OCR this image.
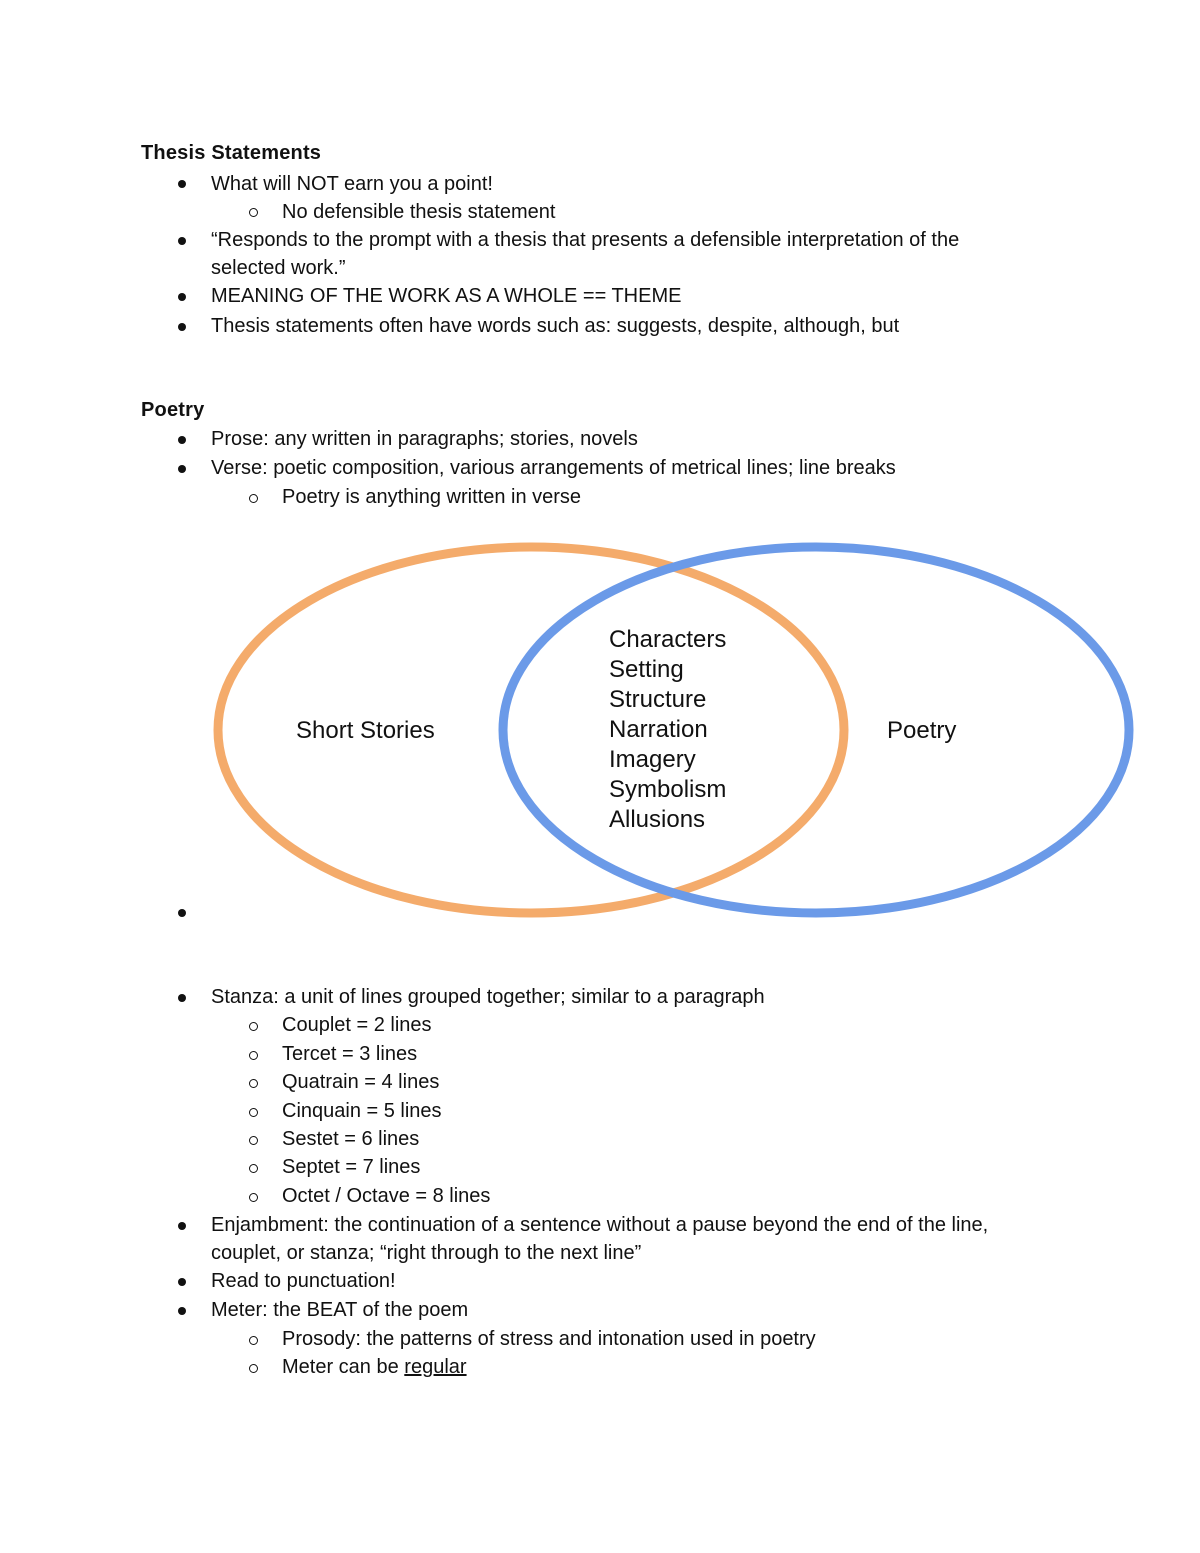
Thesis Statements
What will NOT earn you a point!
No defensible thesis statement
“Responds to the prompt with a thesis that presents a defensible interpretation of the
selected work.”
MEANING OF THE WORK AS A WHOLE == THEME
Thesis statements often have words such as: suggests, despite, although, but
Poetry
Prose: any written in paragraphs; stories, novels
Verse: poetic composition, various arrangements of metrical lines; line breaks
Poetry is anything written in verse
Short Stories	Poetry
Characters
Setting
Structure
Narration
Imagery
Symbolism
Allusions
Stanza: a unit of lines grouped together; similar to a paragraph
Couplet = 2 lines
Tercet = 3 lines
Quatrain = 4 lines
Cinquain = 5 lines
Sestet = 6 lines
Septet = 7 lines
Octet / Octave = 8 lines
Enjambment: the continuation of a sentence without a pause beyond the end of the line,
couplet, or stanza; “right through to the next line”
Read to punctuation!
Meter: the BEAT of the poem
Prosody: the patterns of stress and intonation used in poetry
Meter can be regular
